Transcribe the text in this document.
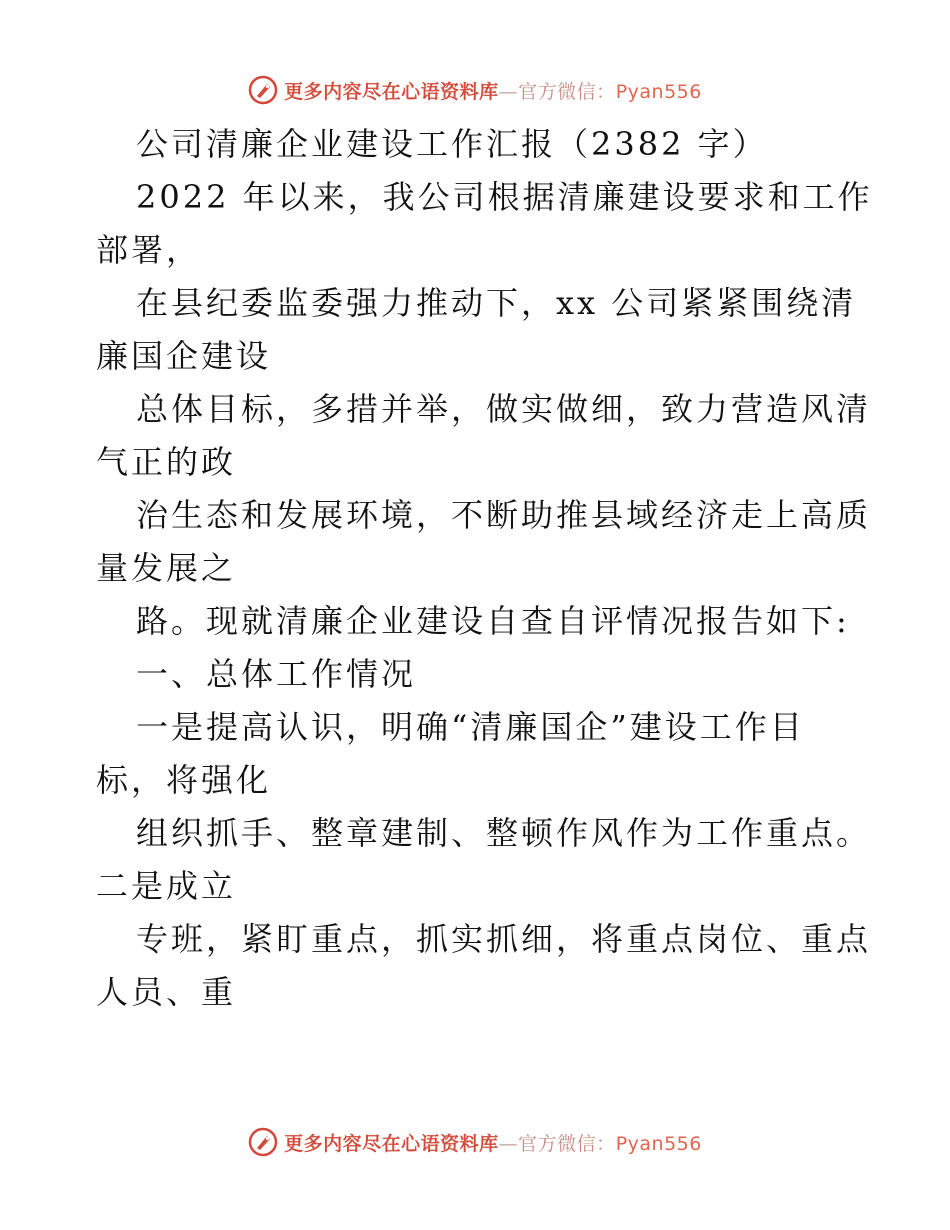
更多内容尽在心语资料库—官方微信：Pyan556
公司清廉企业建设工作汇报（2382 字）
2022 年以来，我公司根据清廉建设要求和工作
部署，
在县纪委监委强力推动下，xx 公司紧紧围绕清
廉国企建设
总体目标，多措并举，做实做细，致力营造风清
气正的政
治生态和发展环境，不断助推县域经济走上高质
量发展之
路。现就清廉企业建设自查自评情况报告如下:
一、总体工作情况
一是提高认识，明确“清廉国企”建设工作目
标，将强化
组织抓手、整章建制、整顿作风作为工作重点。
二是成立
专班，紧盯重点，抓实抓细，将重点岗位、重点
人员、重
更多内容尽在心语资料库—官方微信：Pyan556
